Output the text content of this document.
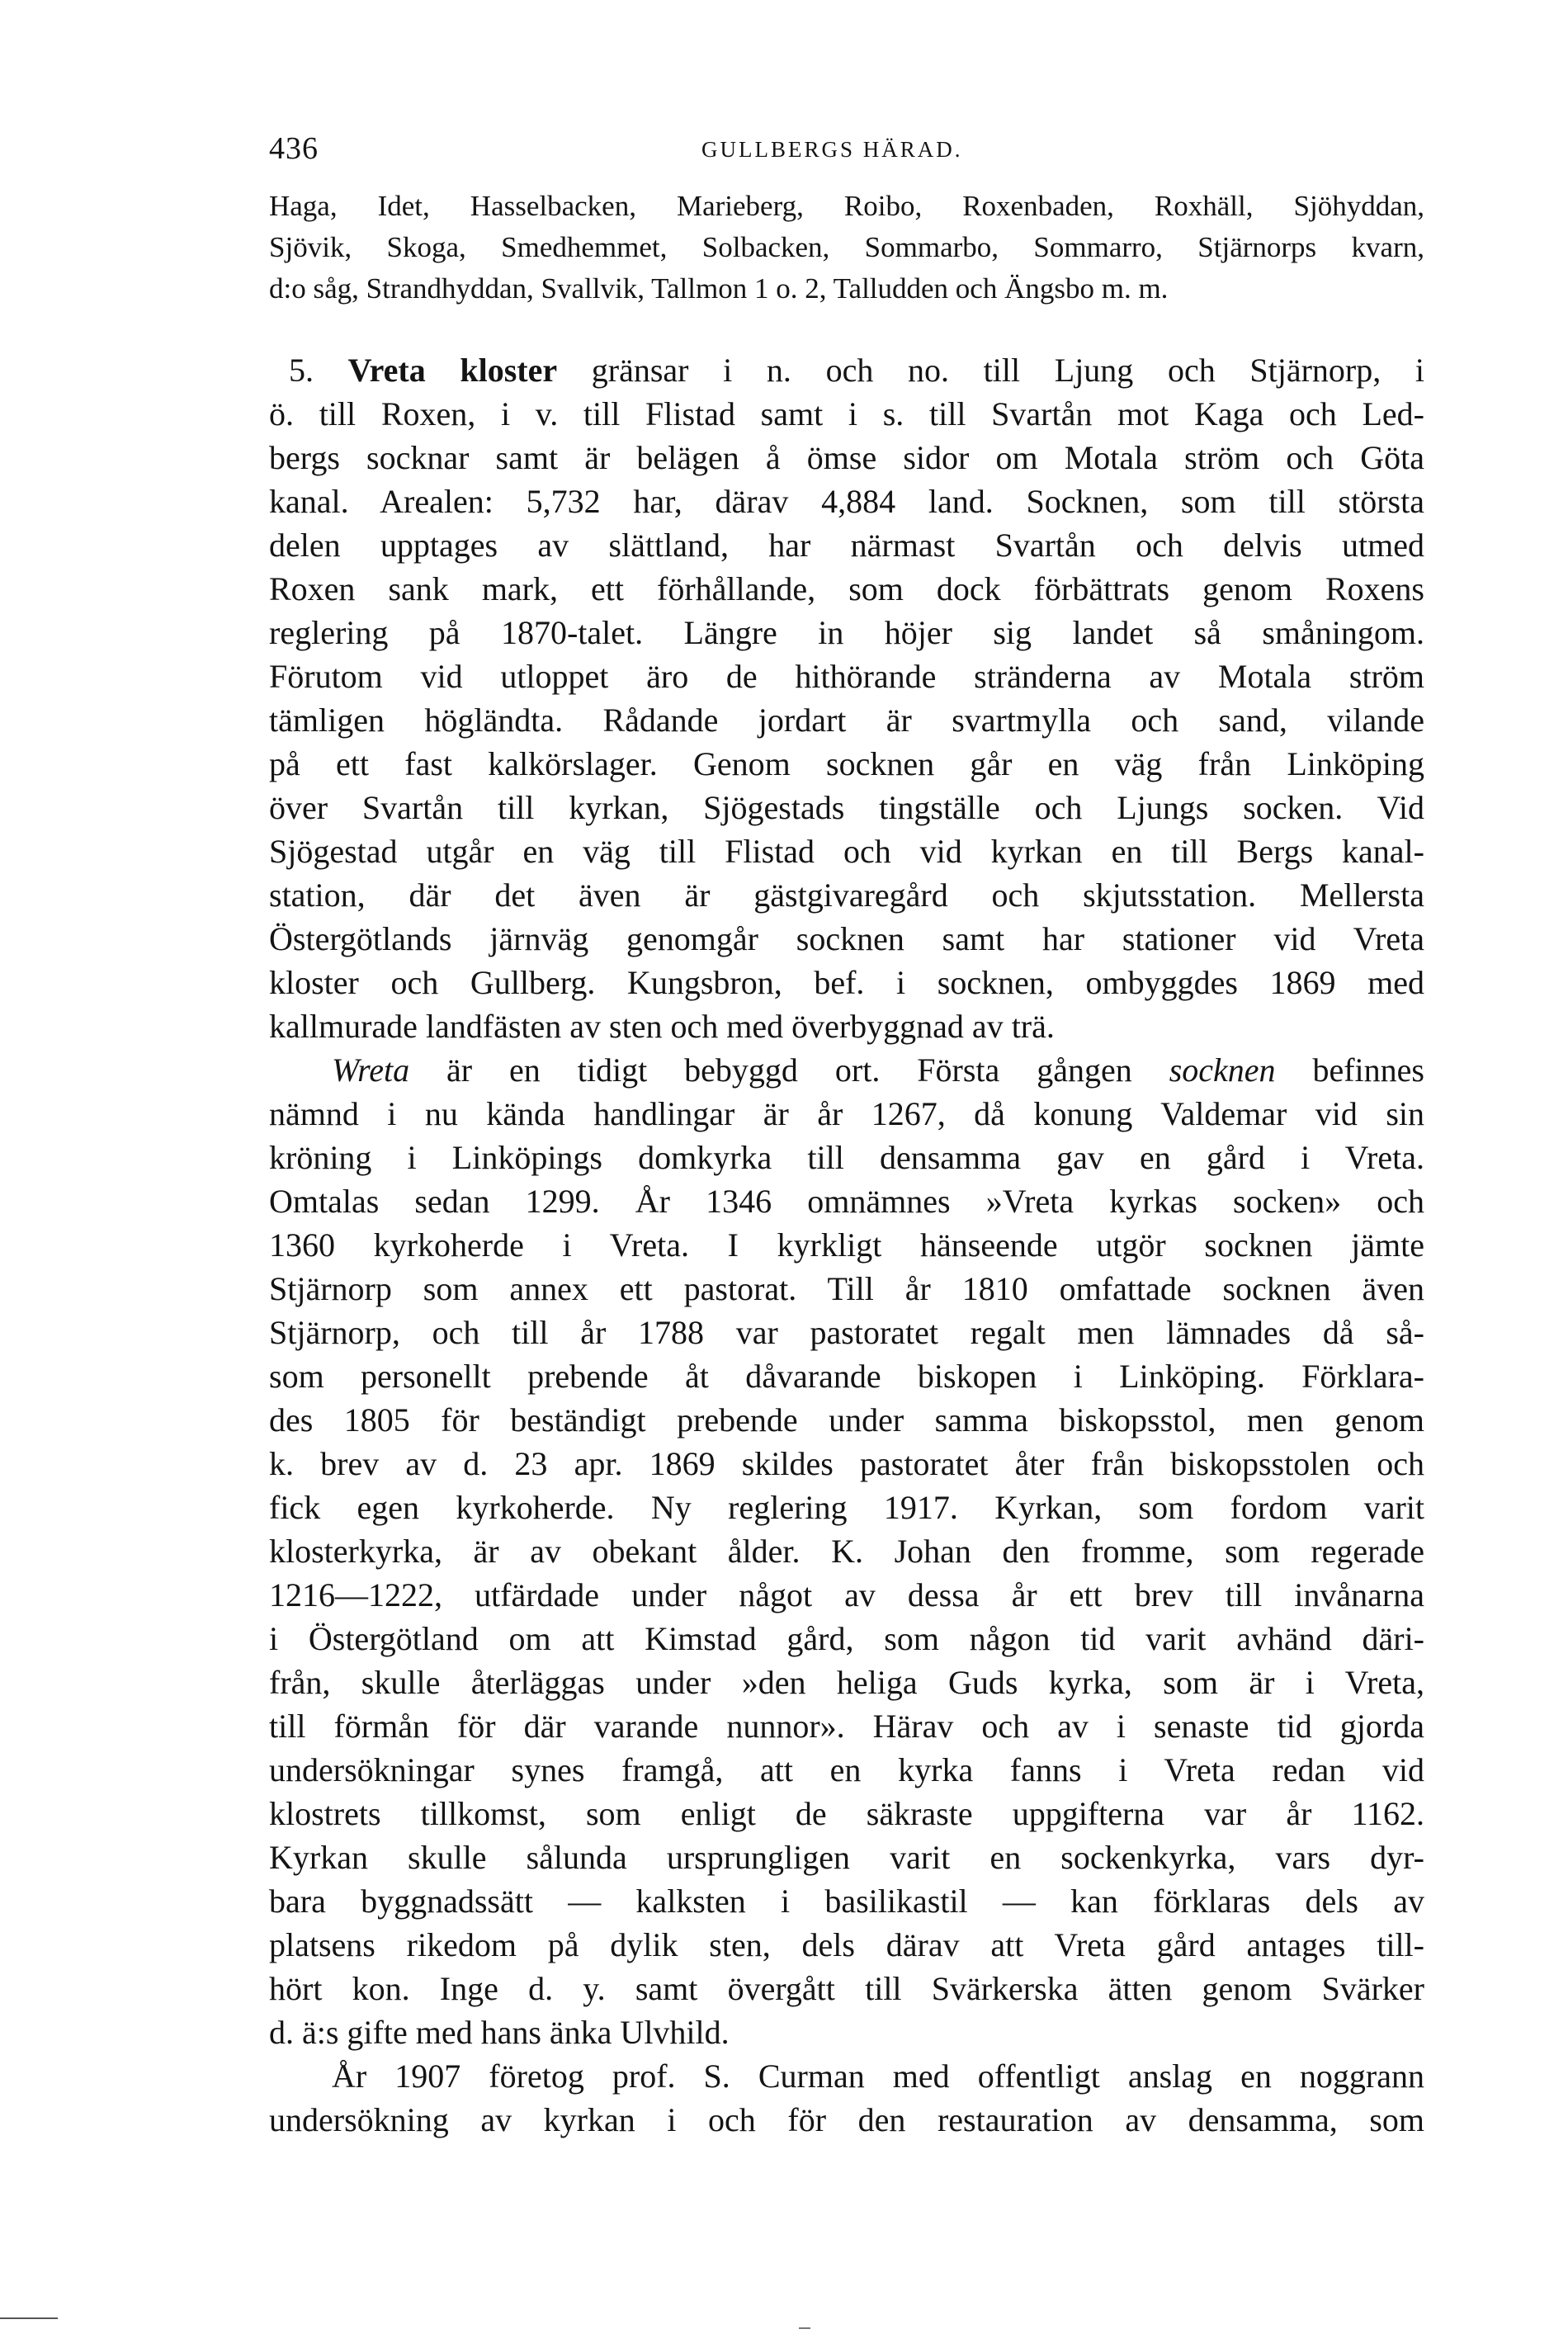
436	GULLBERGS HÄRAD.
Haga, Idet, Hasselbacken, Marieberg, Roibo, Roxenbaden, Roxhäll, Sjöhyddan,
Sjövik, Skoga, Smedhemmet, Solbacken, Sommarbo, Sommarro, Stjärnorps kvarn,
d:o såg, Strandhyddan, Svallvik, Tallmon 1 o. 2, Talludden och Ängsbo m. m.
5. Vreta kloster gränsar i n. och no. till Ljung och Stjärnorp, i
ö. till Roxen, i v. till Flistad samt i s. till Svartån mot Kaga och Led-
bergs socknar samt är belägen å ömse sidor om Motala ström och Göta
kanal. Arealen: 5,732 har, därav 4,884 land. Socknen, som till största
delen upptages av slättland, har närmast Svartån och delvis utmed
Roxen sank mark, ett förhållande, som dock förbättrats genom Roxens
reglering på 1870-talet. Längre in höjer sig landet så småningom.
Förutom vid utloppet äro de hithörande stränderna av Motala ström
tämligen högländta. Rådande jordart är svartmylla och sand, vilande
på ett fast kalkörslager. Genom socknen går en väg från Linköping
över Svartån till kyrkan, Sjögestads tingställe och Ljungs socken. Vid
Sjögestad utgår en väg till Flistad och vid kyrkan en till Bergs kanal-
station, där det även är gästgivaregård och skjutsstation. Mellersta
Östergötlands järnväg genomgår socknen samt har stationer vid Vreta
kloster och Gullberg. Kungsbron, bef. i socknen, ombyggdes 1869 med
kallmurade landfästen av sten och med överbyggnad av trä.
Wreta är en tidigt bebyggd ort. Första gången socknen befinnes
nämnd i nu kända handlingar är år 1267, då konung Valdemar vid sin
kröning i Linköpings domkyrka till densamma gav en gård i Vreta.
Omtalas sedan 1299. År 1346 omnämnes »Vreta kyrkas socken» och
1360 kyrkoherde i Vreta. I kyrkligt hänseende utgör socknen jämte
Stjärnorp som annex ett pastorat. Till år 1810 omfattade socknen även
Stjärnorp, och till år 1788 var pastoratet regalt men lämnades då så-
som personellt prebende åt dåvarande biskopen i Linköping. Förklara-
des 1805 för beständigt prebende under samma biskopsstol, men genom
k. brev av d. 23 apr. 1869 skildes pastoratet åter från biskopsstolen och
fick egen kyrkoherde. Ny reglering 1917. Kyrkan, som fordom varit
klosterkyrka, är av obekant ålder. K. Johan den fromme, som regerade
1216—1222, utfärdade under något av dessa år ett brev till invånarna
i Östergötland om att Kimstad gård, som någon tid varit avhänd däri-
från, skulle återläggas under »den heliga Guds kyrka, som är i Vreta,
till förmån för där varande nunnor». Härav och av i senaste tid gjorda
undersökningar synes framgå, att en kyrka fanns i Vreta redan vid
klostrets tillkomst, som enligt de säkraste uppgifterna var år 1162.
Kyrkan skulle sålunda ursprungligen varit en sockenkyrka, vars dyr-
bara byggnadssätt — kalksten i basilikastil — kan förklaras dels av
platsens rikedom på dylik sten, dels därav att Vreta gård antages till-
hört kon. Inge d. y. samt övergått till Svärkerska ätten genom Svärker
d. ä:s gifte med hans änka Ulvhild.
År 1907 företog prof. S. Curman med offentligt anslag en noggrann
undersökning av kyrkan i och för den restauration av densamma, som
